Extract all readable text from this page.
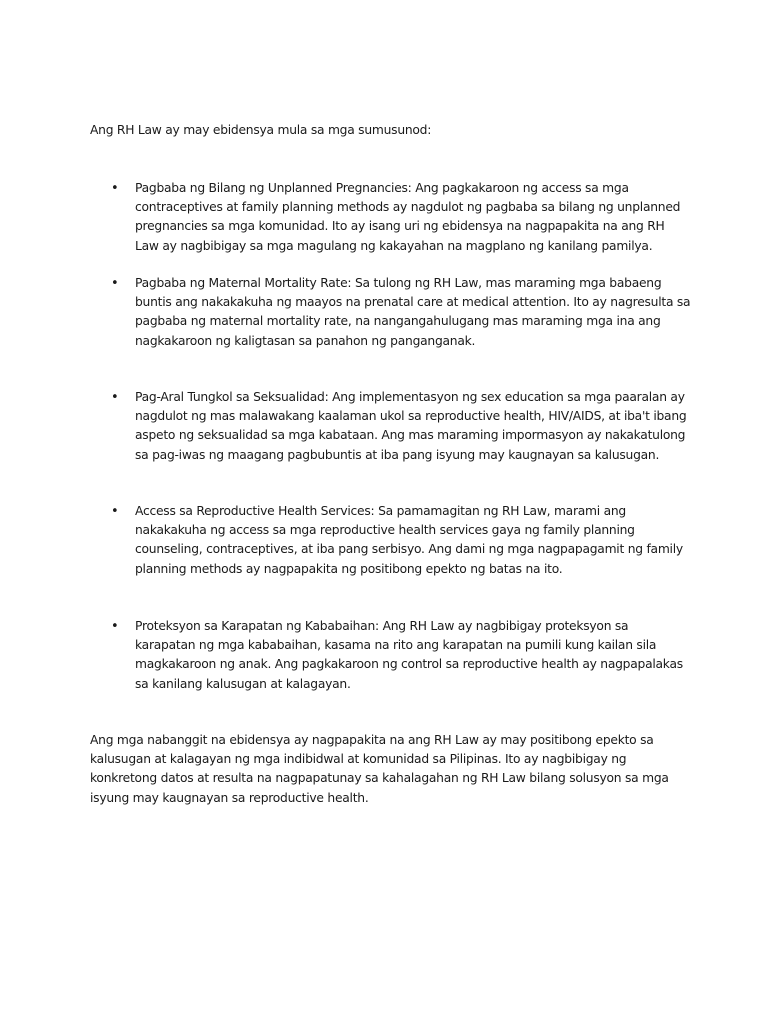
Ang RH Law ay may ebidensya mula sa mga sumusunod:

•	Pagbaba ng Bilang ng Unplanned Pregnancies: Ang pagkakaroon ng access sa mga contraceptives at family planning methods ay nagdulot ng pagbaba sa bilang ng unplanned pregnancies sa mga komunidad. Ito ay isang uri ng ebidensya na nagpapakita na ang RH Law ay nagbibigay sa mga magulang ng kakayahan na magplano ng kanilang pamilya.

•	Pagbaba ng Maternal Mortality Rate: Sa tulong ng RH Law, mas maraming mga babaeng buntis ang nakakakuha ng maayos na prenatal care at medical attention. Ito ay nagresulta sa pagbaba ng maternal mortality rate, na nangangahulugang mas maraming mga ina ang nagkakaroon ng kaligtasan sa panahon ng panganganak.

•	Pag-Aral Tungkol sa Seksualidad: Ang implementasyon ng sex education sa mga paaralan ay nagdulot ng mas malawakang kaalaman ukol sa reproductive health, HIV/AIDS, at iba't ibang aspeto ng seksualidad sa mga kabataan. Ang mas maraming impormasyon ay nakakatulong sa pag-iwas ng maagang pagbubuntis at iba pang isyung may kaugnayan sa kalusugan.

•	Access sa Reproductive Health Services: Sa pamamagitan ng RH Law, marami ang nakakakuha ng access sa mga reproductive health services gaya ng family planning counseling, contraceptives, at iba pang serbisyo. Ang dami ng mga nagpapagamit ng family planning methods ay nagpapakita ng positibong epekto ng batas na ito.

•	Proteksyon sa Karapatan ng Kababaihan: Ang RH Law ay nagbibigay proteksyon sa karapatan ng mga kababaihan, kasama na rito ang karapatan na pumili kung kailan sila magkakaroon ng anak. Ang pagkakaroon ng control sa reproductive health ay nagpapalakas sa kanilang kalusugan at kalagayan.

Ang mga nabanggit na ebidensya ay nagpapakita na ang RH Law ay may positibong epekto sa kalusugan at kalagayan ng mga indibidwal at komunidad sa Pilipinas. Ito ay nagbibigay ng konkretong datos at resulta na nagpapatunay sa kahalagahan ng RH Law bilang solusyon sa mga isyung may kaugnayan sa reproductive health.
